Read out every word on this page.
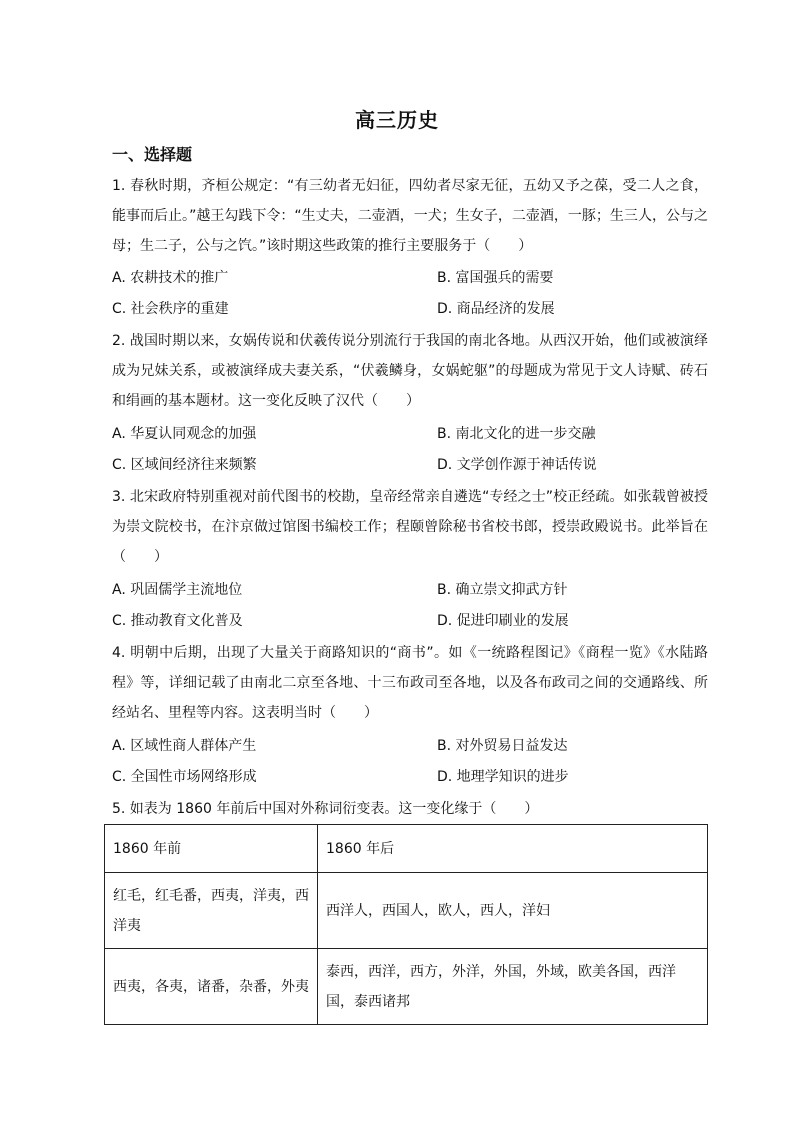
高三历史
一、选择题
1. 春秋时期，齐桓公规定：“有三幼者无妇征，四幼者尽家无征，五幼又予之葆，受二人之食，能事而后止。”越王勾践下令：“生丈夫，二壶酒，一犬；生女子，二壶酒，一豚；生三人，公与之母；生二子，公与之饩。”该时期这些政策的推行主要服务于（　　）
A. 农耕技术的推广	B. 富国强兵的需要
C. 社会秩序的重建	D. 商品经济的发展
2. 战国时期以来，女娲传说和伏羲传说分别流行于我国的南北各地。从西汉开始，他们或被演绎成为兄妹关系，或被演绎成夫妻关系，“伏羲鳞身，女娲蛇躯”的母题成为常见于文人诗赋、砖石和绢画的基本题材。这一变化反映了汉代（　　）
A. 华夏认同观念的加强	B. 南北文化的进一步交融
C. 区域间经济往来频繁	D. 文学创作源于神话传说
3. 北宋政府特别重视对前代图书的校勘，皇帝经常亲自遴选“专经之士”校正经疏。如张载曾被授为崇文院校书，在汴京做过馆图书编校工作；程颐曾除秘书省校书郎，授崇政殿说书。此举旨在（　　）
A. 巩固儒学主流地位	B. 确立崇文抑武方针
C. 推动教育文化普及	D. 促进印刷业的发展
4. 明朝中后期，出现了大量关于商路知识的“商书”。如《一统路程图记》《商程一览》《水陆路程》等，详细记载了由南北二京至各地、十三布政司至各地，以及各布政司之间的交通路线、所经站名、里程等内容。这表明当时（　　）
A. 区域性商人群体产生	B. 对外贸易日益发达
C. 全国性市场网络形成	D. 地理学知识的进步
5. 如表为 1860 年前后中国对外称词衍变表。这一变化缘于（　　）
1860 年前	1860 年后
红毛，红毛番，西夷，洋夷，西洋夷	西洋人，西国人，欧人，西人，洋妇
西夷，各夷，诸番，杂番，外夷	泰西，西洋，西方，外洋，外国，外域，欧美各国，西洋国，泰西诸邦
